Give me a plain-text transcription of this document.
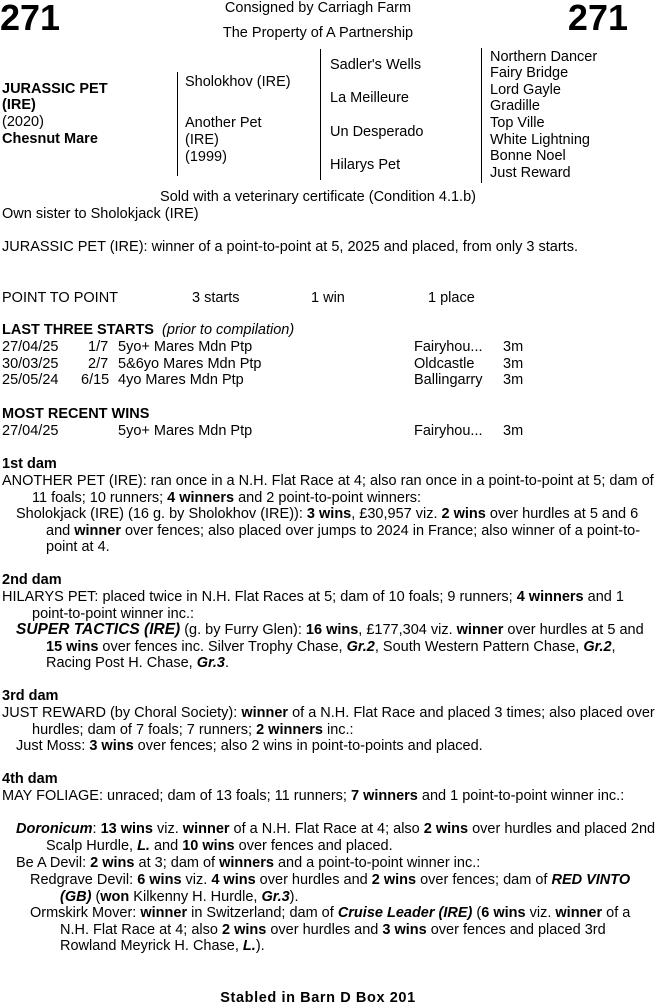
271	271
Consigned by Carriagh Farm
The Property of A Partnership
JURASSIC PET
(IRE)
(2020)
Chesnut Mare
Sholokhov (IRE)
Another Pet
(IRE)
(1999)
Sadler's Wells
La Meilleure
Un Desperado
Hilarys Pet
Northern Dancer
Fairy Bridge
Lord Gayle
Gradille
Top Ville
White Lightning
Bonne Noel
Just Reward
Sold with a veterinary certificate (Condition 4.1.b)
Own sister to Sholokjack (IRE)
JURASSIC PET (IRE): winner of a point-to-point at 5, 2025 and placed, from only 3 starts.
POINT TO POINT	3 starts	1 win	1 place
LAST THREE STARTS (prior to compilation)
27/04/25 1/7 5yo+ Mares Mdn Ptp	Fairyhou... 3m
30/03/25 2/7 5&6yo Mares Mdn Ptp	Oldcastle 3m
25/05/24 6/15 4yo Mares Mdn Ptp	Ballingarry 3m
MOST RECENT WINS
27/04/25	5yo+ Mares Mdn Ptp	Fairyhou... 3m
1st dam
ANOTHER PET (IRE): ran once in a N.H. Flat Race at 4; also ran once in a point-to-point at 5; dam of 11 foals; 10 runners; 4 winners and 2 point-to-point winners:
Sholokjack (IRE) (16 g. by Sholokhov (IRE)): 3 wins, £30,957 viz. 2 wins over hurdles at 5 and 6 and winner over fences; also placed over jumps to 2024 in France; also winner of a point-to-point at 4.
2nd dam
HILARYS PET: placed twice in N.H. Flat Races at 5; dam of 10 foals; 9 runners; 4 winners and 1 point-to-point winner inc.:
SUPER TACTICS (IRE) (g. by Furry Glen): 16 wins, £177,304 viz. winner over hurdles at 5 and 15 wins over fences inc. Silver Trophy Chase, Gr.2, South Western Pattern Chase, Gr.2, Racing Post H. Chase, Gr.3.
3rd dam
JUST REWARD (by Choral Society): winner of a N.H. Flat Race and placed 3 times; also placed over hurdles; dam of 7 foals; 7 runners; 2 winners inc.:
Just Moss: 3 wins over fences; also 2 wins in point-to-points and placed.
4th dam
MAY FOLIAGE: unraced; dam of 13 foals; 11 runners; 7 winners and 1 point-to-point winner inc.:
Doronicum: 13 wins viz. winner of a N.H. Flat Race at 4; also 2 wins over hurdles and placed 2nd Scalp Hurdle, L. and 10 wins over fences and placed.
Be A Devil: 2 wins at 3; dam of winners and a point-to-point winner inc.:
Redgrave Devil: 6 wins viz. 4 wins over hurdles and 2 wins over fences; dam of RED VINTO (GB) (won Kilkenny H. Hurdle, Gr.3).
Ormskirk Mover: winner in Switzerland; dam of Cruise Leader (IRE) (6 wins viz. winner of a N.H. Flat Race at 4; also 2 wins over hurdles and 3 wins over fences and placed 3rd Rowland Meyrick H. Chase, L.).
Stabled in Barn D Box 201
